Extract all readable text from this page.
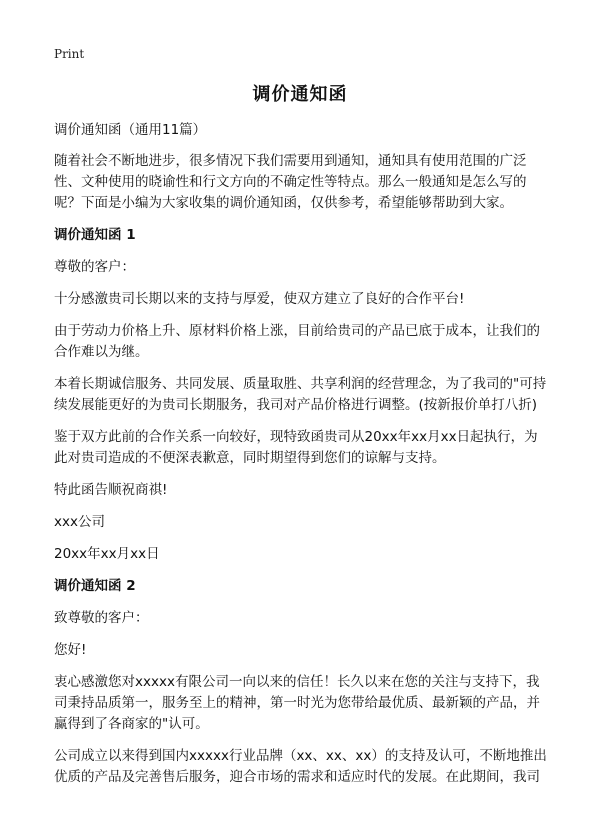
Print
调价通知函

调价通知函（通用11篇）

随着社会不断地进步，很多情况下我们需要用到通知，通知具有使用范围的广泛性、文种使用的晓谕性和行文方向的不确定性等特点。那么一般通知是怎么写的呢？下面是小编为大家收集的调价通知函，仅供参考，希望能够帮助到大家。

调价通知函 1

尊敬的客户：

十分感激贵司长期以来的支持与厚爱，使双方建立了良好的合作平台!

由于劳动力价格上升、原材料价格上涨，目前给贵司的产品已底于成本，让我们的合作难以为继。

本着长期诚信服务、共同发展、质量取胜、共享利润的经营理念，为了我司的"可持续发展能更好的为贵司长期服务，我司对产品价格进行调整。(按新报价单打八折)

鉴于双方此前的合作关系一向较好，现特致函贵司从20xx年xx月xx日起执行，为此对贵司造成的不便深表歉意，同时期望得到您们的谅解与支持。

特此函告顺祝商祺!

xxx公司

20xx年xx月xx日

调价通知函 2

致尊敬的客户：

您好!

衷心感激您对xxxxx有限公司一向以来的信任！长久以来在您的关注与支持下，我司秉持品质第一，服务至上的精神，第一时光为您带给最优质、最新颖的产品，并赢得到了各商家的"认可。

公司成立以来得到国内xxxxx行业品牌（xx、xx、xx）的支持及认可，不断地推出优质的产品及完善售后服务，迎合市场的需求和适应时代的发展。在此期间，我司
